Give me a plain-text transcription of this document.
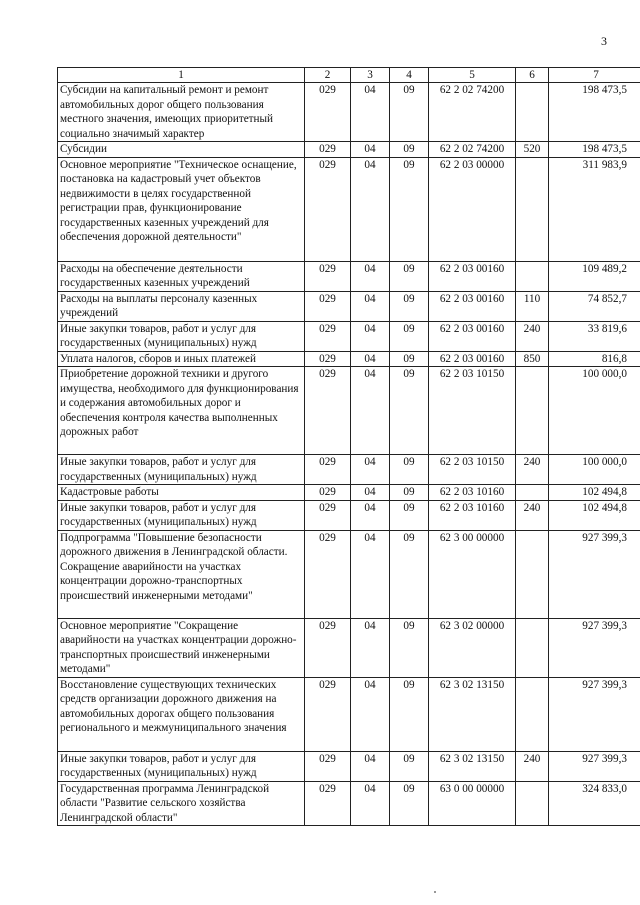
3
1	2	3	4	5	6	7
Субсидии на капитальный ремонт и ремонт автомобильных дорог общего пользования местного значения, имеющих приоритетный социально значимый характер	029	04	09	62 2 02 74200		198 473,5
Субсидии	029	04	09	62 2 02 74200	520	198 473,5
Основное мероприятие "Техническое оснащение, постановка на кадастровый учет объектов недвижимости в целях государственной регистрации прав, функционирование государственных казенных учреждений для обеспечения дорожной деятельности"	029	04	09	62 2 03 00000		311 983,9
Расходы на обеспечение деятельности государственных казенных учреждений	029	04	09	62 2 03 00160		109 489,2
Расходы на выплаты персоналу казенных учреждений	029	04	09	62 2 03 00160	110	74 852,7
Иные закупки товаров, работ и услуг для государственных (муниципальных) нужд	029	04	09	62 2 03 00160	240	33 819,6
Уплата налогов, сборов и иных платежей	029	04	09	62 2 03 00160	850	816,8
Приобретение дорожной техники и другого имущества, необходимого для функционирования и содержания автомобильных дорог и обеспечения контроля качества выполненных дорожных работ	029	04	09	62 2 03 10150		100 000,0
Иные закупки товаров, работ и услуг для государственных (муниципальных) нужд	029	04	09	62 2 03 10150	240	100 000,0
Кадастровые работы	029	04	09	62 2 03 10160		102 494,8
Иные закупки товаров, работ и услуг для государственных (муниципальных) нужд	029	04	09	62 2 03 10160	240	102 494,8
Подпрограмма "Повышение безопасности дорожного движения в Ленинградской области. Сокращение аварийности на участках концентрации дорожно-транспортных происшествий инженерными методами"	029	04	09	62 3 00 00000		927 399,3
Основное мероприятие "Сокращение аварийности на участках концентрации дорожно-транспортных происшествий инженерными методами"	029	04	09	62 3 02 00000		927 399,3
Восстановление существующих технических средств организации дорожного движения на автомобильных дорогах общего пользования регионального и межмуниципального значения	029	04	09	62 3 02 13150		927 399,3
Иные закупки товаров, работ и услуг для государственных (муниципальных) нужд	029	04	09	62 3 02 13150	240	927 399,3
Государственная программа Ленинградской области "Развитие сельского хозяйства Ленинградской области"	029	04	09	63 0 00 00000		324 833,0
